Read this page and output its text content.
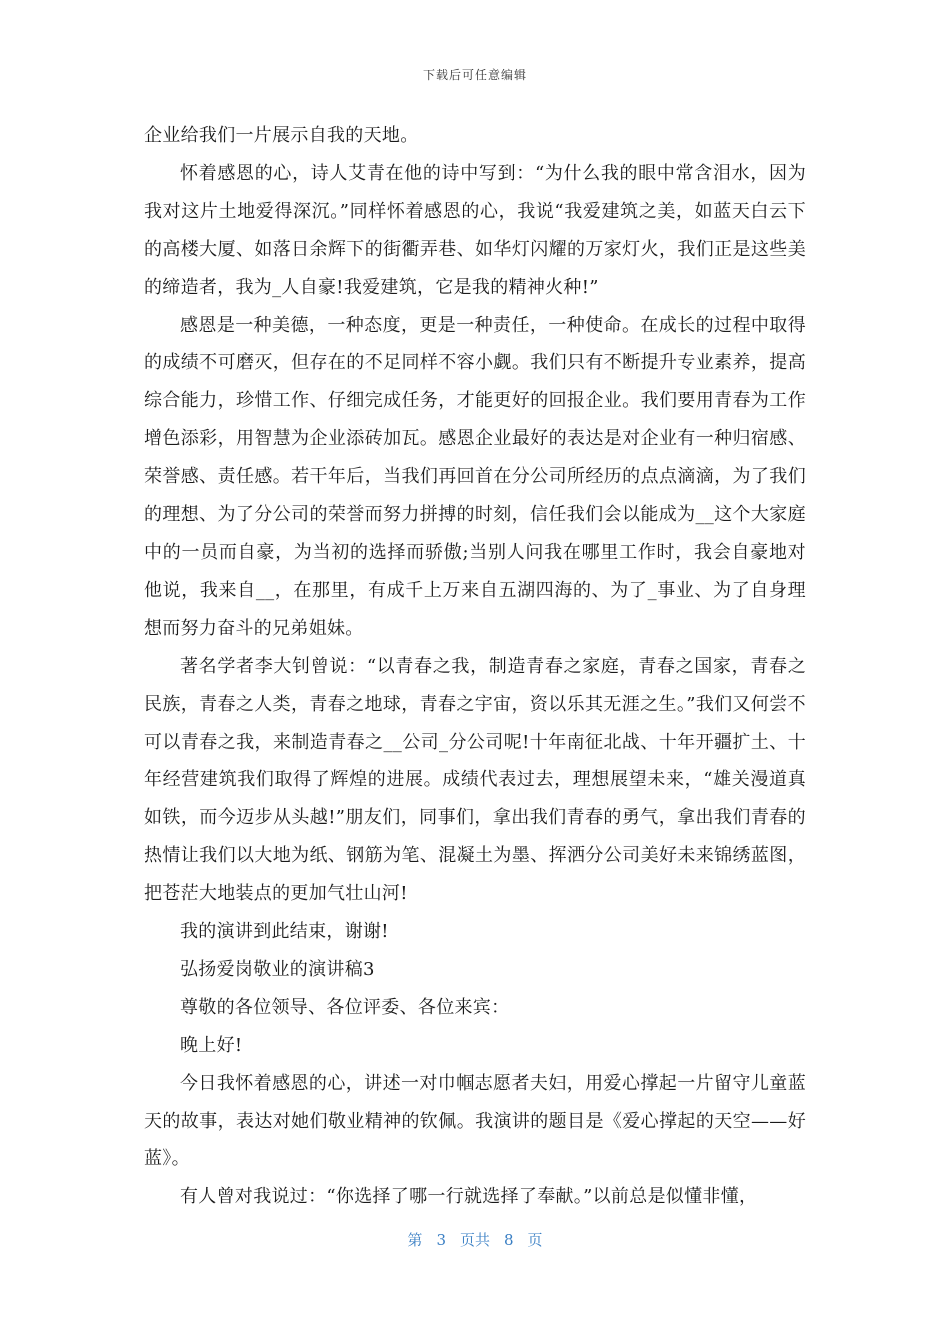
下载后可任意编辑

企业给我们一片展示自我的天地。

怀着感恩的心，诗人艾青在他的诗中写到：“为什么我的眼中常含泪水，因为我对这片土地爱得深沉。”同样怀着感恩的心，我说“我爱建筑之美，如蓝天白云下的高楼大厦、如落日余辉下的街衢弄巷、如华灯闪耀的万家灯火，我们正是这些美的缔造者，我为_人自豪!我爱建筑，它是我的精神火种!”

感恩是一种美德，一种态度，更是一种责任，一种使命。在成长的过程中取得的成绩不可磨灭，但存在的不足同样不容小觑。我们只有不断提升专业素养，提高综合能力，珍惜工作、仔细完成任务，才能更好的回报企业。我们要用青春为工作增色添彩，用智慧为企业添砖加瓦。感恩企业最好的表达是对企业有一种归宿感、荣誉感、责任感。若干年后，当我们再回首在分公司所经历的点点滴滴，为了我们的理想、为了分公司的荣誉而努力拼搏的时刻，信任我们会以能成为__这个大家庭中的一员而自豪，为当初的选择而骄傲;当别人问我在哪里工作时，我会自豪地对他说，我来自__，在那里，有成千上万来自五湖四海的、为了_事业、为了自身理想而努力奋斗的兄弟姐妹。

著名学者李大钊曾说：“以青春之我，制造青春之家庭，青春之国家，青春之民族，青春之人类，青春之地球，青春之宇宙，资以乐其无涯之生。”我们又何尝不可以青春之我，来制造青春之__公司_分公司呢!十年南征北战、十年开疆扩土、十年经营建筑我们取得了辉煌的进展。成绩代表过去，理想展望未来，“雄关漫道真如铁，而今迈步从头越!”朋友们，同事们，拿出我们青春的勇气，拿出我们青春的热情让我们以大地为纸、钢筋为笔、混凝土为墨、挥洒分公司美好未来锦绣蓝图，把苍茫大地装点的更加气壮山河!

我的演讲到此结束，谢谢!

弘扬爱岗敬业的演讲稿3

尊敬的各位领导、各位评委、各位来宾：

晚上好!

今日我怀着感恩的心，讲述一对巾帼志愿者夫妇，用爱心撑起一片留守儿童蓝天的故事，表达对她们敬业精神的钦佩。我演讲的题目是《爱心撑起的天空——好蓝》。

有人曾对我说过：“你选择了哪一行就选择了奉献。”以前总是似懂非懂，

第 3 页共 8 页
